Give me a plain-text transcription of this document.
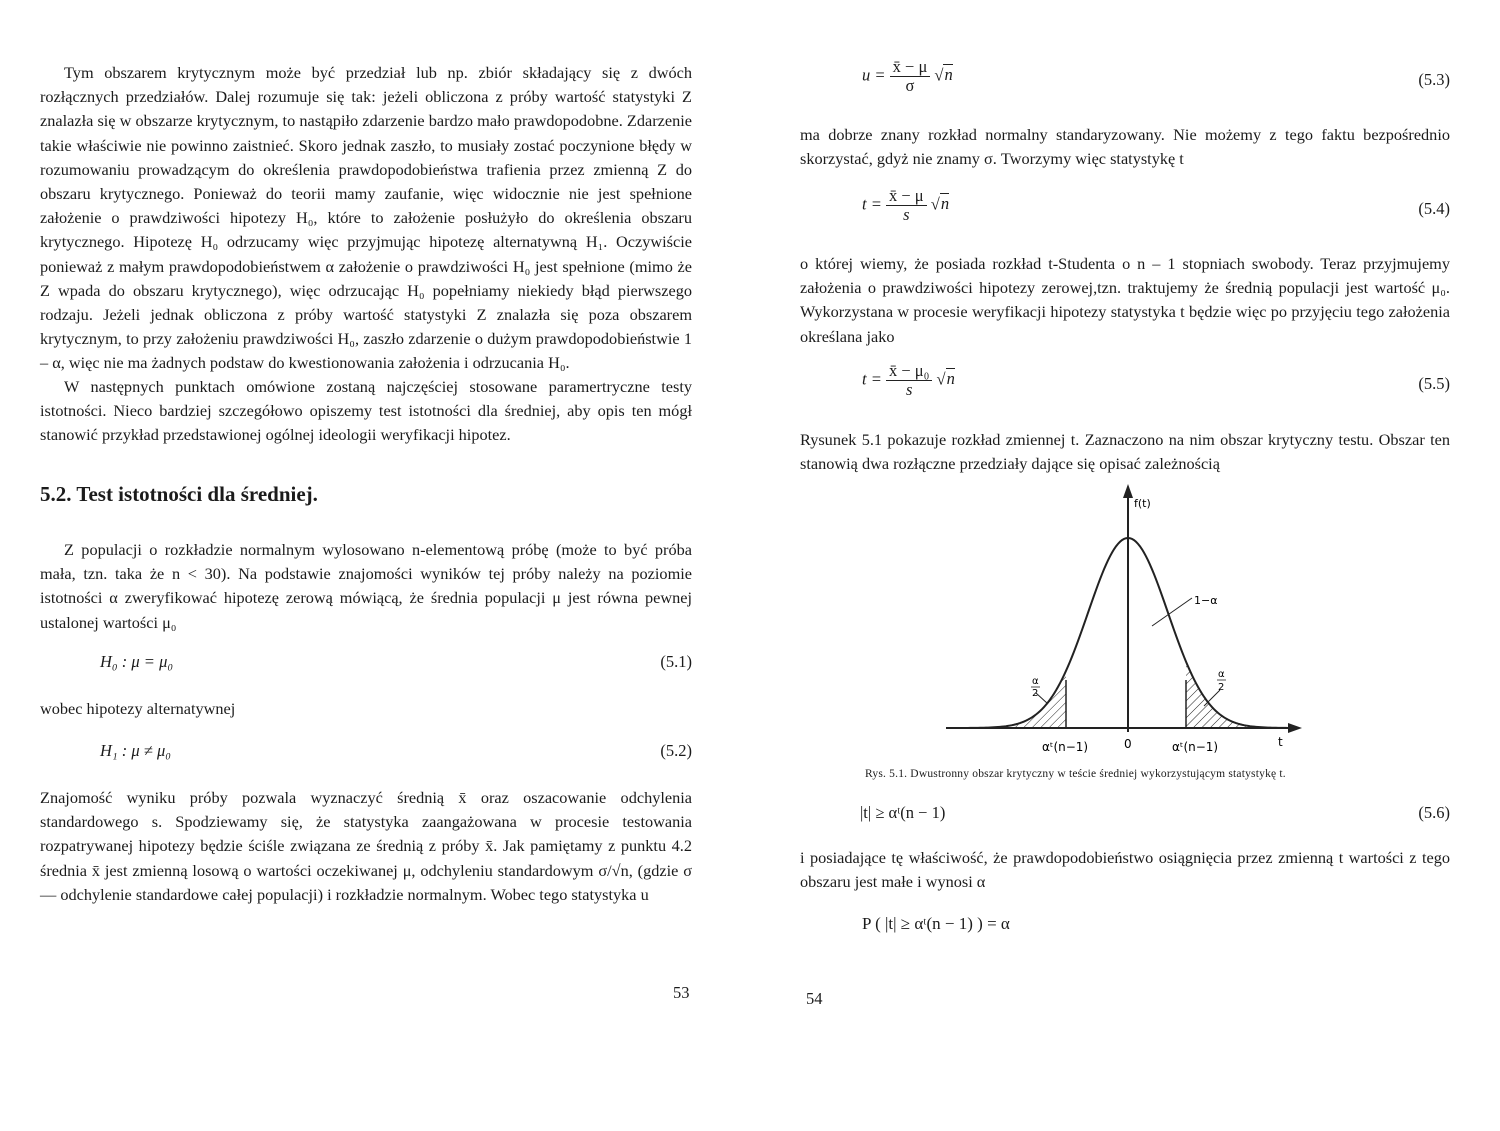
Tym obszarem krytycznym może być przedział lub np. zbiór składający się z dwóch rozłącznych przedziałów. Dalej rozumuje się tak: jeżeli obliczona z próby wartość statystyki Z znalazła się w obszarze krytycznym, to nastąpiło zdarzenie bardzo mało prawdopodobne. Zdarzenie takie właściwie nie powinno zaistnieć. Skoro jednak zaszło, to musiały zostać poczynione błędy w rozumowaniu prowadzącym do określenia prawdopodobieństwa trafienia przez zmienną Z do obszaru krytycznego. Ponieważ do teorii mamy zaufanie, więc widocznie nie jest spełnione założenie o prawdziwości hipotezy H₀, które to założenie posłużyło do określenia obszaru krytycznego. Hipotezę H₀ odrzucamy więc przyjmując hipotezę alternatywną H₁. Oczywiście ponieważ z małym prawdopodobieństwem α założenie o prawdziwości H₀ jest spełnione (mimo że Z wpada do obszaru krytycznego), więc odrzucając H₀ popełniamy niekiedy błąd pierwszego rodzaju. Jeżeli jednak obliczona z próby wartość statystyki Z znalazła się poza obszarem krytycznym, to przy założeniu prawdziwości H₀, zaszło zdarzenie o dużym prawdopodobieństwie 1 – α, więc nie ma żadnych podstaw do kwestionowania założenia i odrzucania H₀.

W następnych punktach omówione zostaną najczęściej stosowane paramertryczne testy istotności. Nieco bardziej szczegółowo opiszemy test istotności dla średniej, aby opis ten mógł stanowić przykład przedstawionej ogólnej ideologii weryfikacji hipotez.

5.2. Test istotności dla średniej.

Z populacji o rozkładzie normalnym wylosowano n-elementową próbę (może to być próba mała, tzn. taka że n < 30). Na podstawie znajomości wyników tej próby należy na poziomie istotności α zweryfikować hipotezę zerową mówiącą, że średnia populacji μ jest równa pewnej ustalonej wartości μ₀

H₀ : μ = μ₀	(5.1)

wobec hipotezy alternatywnej

H₁ : μ ≠ μ₀	(5.2)

Znajomość wyniku próby pozwala wyznaczyć średnią x̄ oraz oszacowanie odchylenia standardowego s. Spodziewamy się, że statystyka zaangażowana w procesie testowania rozpatrywanej hipotezy będzie ściśle związana ze średnią z próby x̄. Jak pamiętamy z punktu 4.2 średnia x̄ jest zmienną losową o wartości oczekiwanej μ, odchyleniu standardowym σ/√n, (gdzie σ — odchylenie standardowe całej populacji) i rozkładzie normalnym. Wobec tego statystyka u

53
$u = \frac{x̄ - \mu}{\sigma} √n$	(5.3)

ma dobrze znany rozkład normalny standaryzowany. Nie możemy z tego faktu bezpośrednio skorzystać, gdyż nie znamy σ. Tworzymy więc statystykę t

$t = \frac{x̄ - \mu}{s} √n$	(5.4)

o której wiemy, że posiada rozkład t-Studenta o n – 1 stopniach swobody. Teraz przyjmujemy założenia o prawdziwości hipotezy zerowej,tzn. traktujemy że średnią populacji jest wartość μ₀. Wykorzystana w procesie weryfikacji hipotezy statystyka t będzie więc po przyjęciu tego założenia określana jako

$t = \frac{\text{x̄ − μ₀}}{s} √n$	(5.5)

Rysunek 5.1 pokazuje rozkład zmiennej t. Zaznaczono na nim obszar krytyczny testu. Obszar ten stanowią dwa rozłączne przedziały dające się opisać zależnością

f(t)
1−α
α
2
α
2
αᵗ(n−1)	0	αᵗ(n−1)	t
Rys. 5.1. Dwustronny obszar krytyczny w teście średniej wykorzystującym statystykę t.
|t| ≥ αᵗ(n − 1)	(5.6)

i posiadające tę właściwość, że prawdopodobieństwo osiągnięcia przez zmienną t wartości z tego obszaru jest małe i wynosi α

P ( |t| ≥ αᵗ(n − 1) ) = α
54
